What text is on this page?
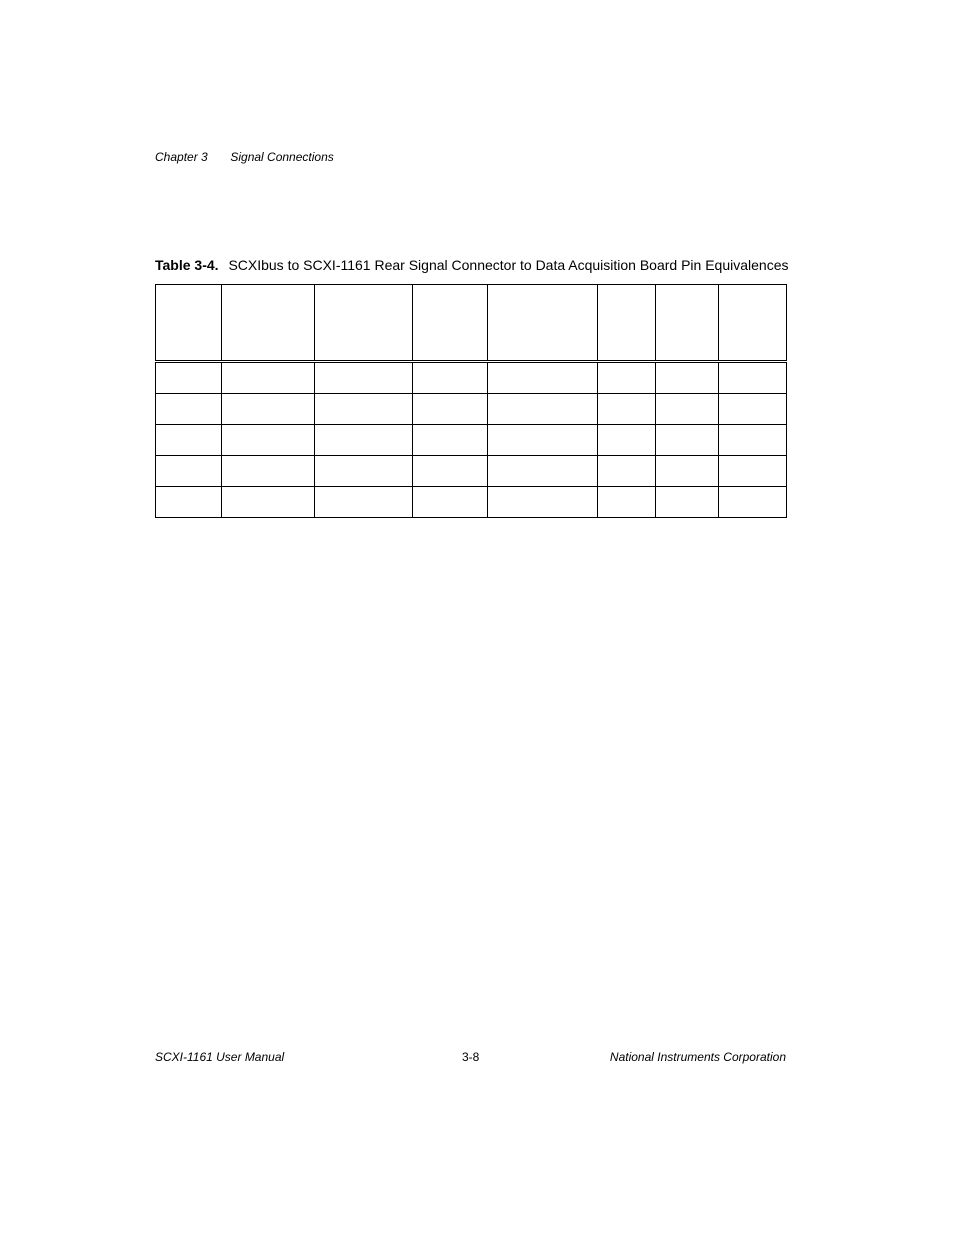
Chapter 3 Signal Connections
Table 3-4. SCXIbus to SCXI-1161 Rear Signal Connector to Data Acquisition Board Pin Equivalences

SCXI-1161 User Manual	3-8	National Instruments Corporation
